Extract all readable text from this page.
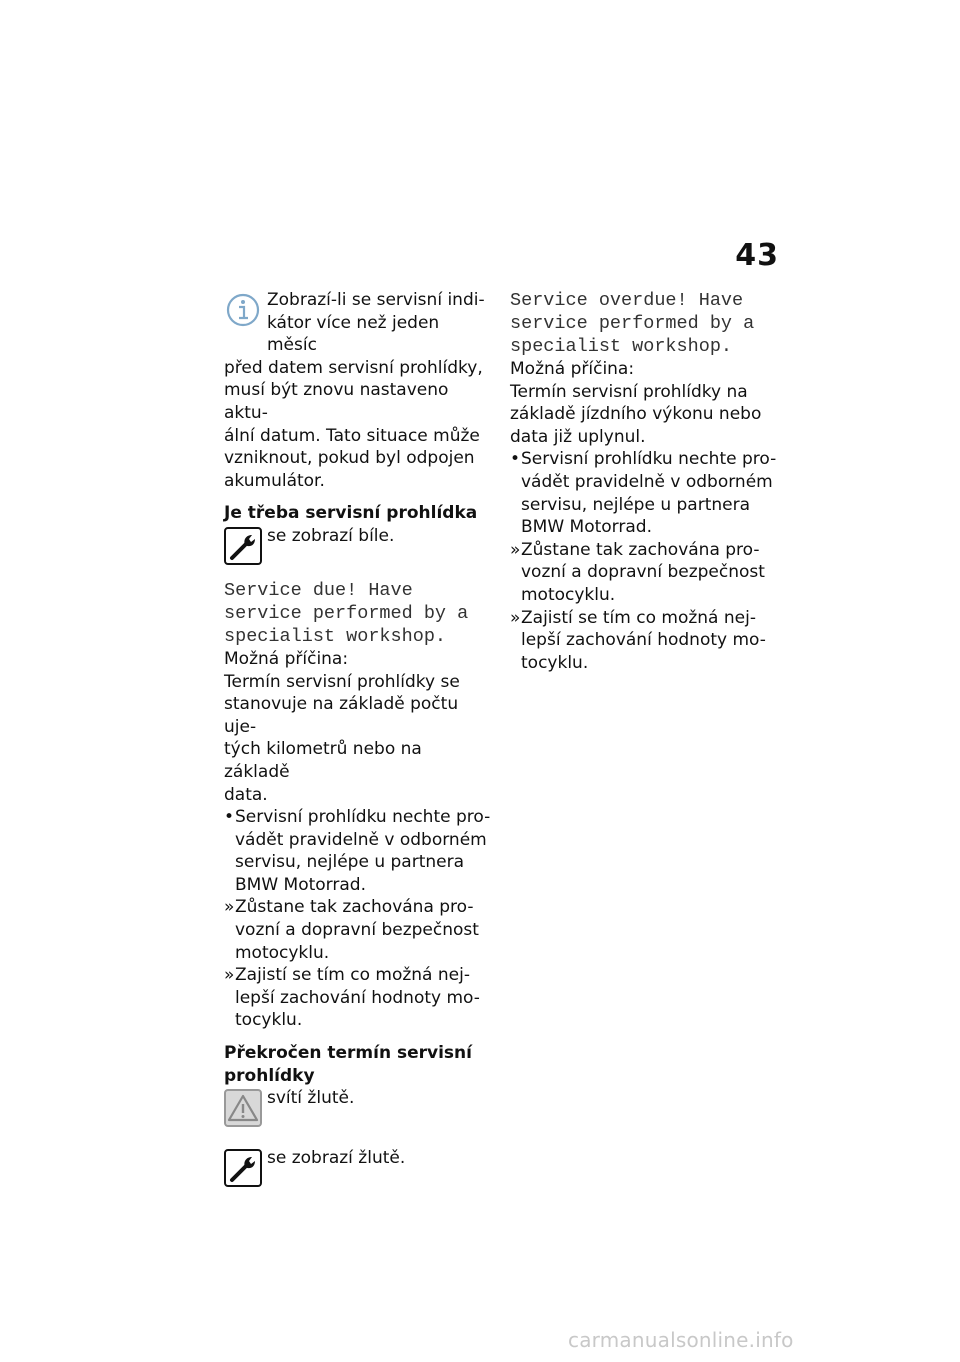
43

Zobrazí-li se servisní indi-

kátor více než jeden měsíc

před datem servisní prohlídky,

musí být znovu nastaveno aktu-

ální datum. Tato situace může

vzniknout, pokud byl odpojen

akumulátor.

Je třeba servisní prohlídka

se zobrazí bíle.

Service due! Have

service performed by a

specialist workshop.

Možná příčina:

Termín servisní prohlídky se

stanovuje na základě počtu uje-

tých kilometrů nebo na základě

data.

• Servisní prohlídku nechte pro-

vádět pravidelně v odborném

servisu, nejlépe u partnera

BMW Motorrad.

» Zůstane tak zachována pro-

vozní a dopravní bezpečnost

motocyklu.

» Zajistí se tím co možná nej-

lepší zachování hodnoty mo-

tocyklu.

Překročen termín servisní

prohlídky

svítí žlutě.

se zobrazí žlutě.

Service overdue! Have

service performed by a

specialist workshop.

Možná příčina:

Termín servisní prohlídky na

základě jízdního výkonu nebo

data již uplynul.

• Servisní prohlídku nechte pro-

vádět pravidelně v odborném

servisu, nejlépe u partnera

BMW Motorrad.

» Zůstane tak zachována pro-

vozní a dopravní bezpečnost

motocyklu.

» Zajistí se tím co možná nej-

lepší zachování hodnoty mo-

tocyklu.

carmanualsonline.info
